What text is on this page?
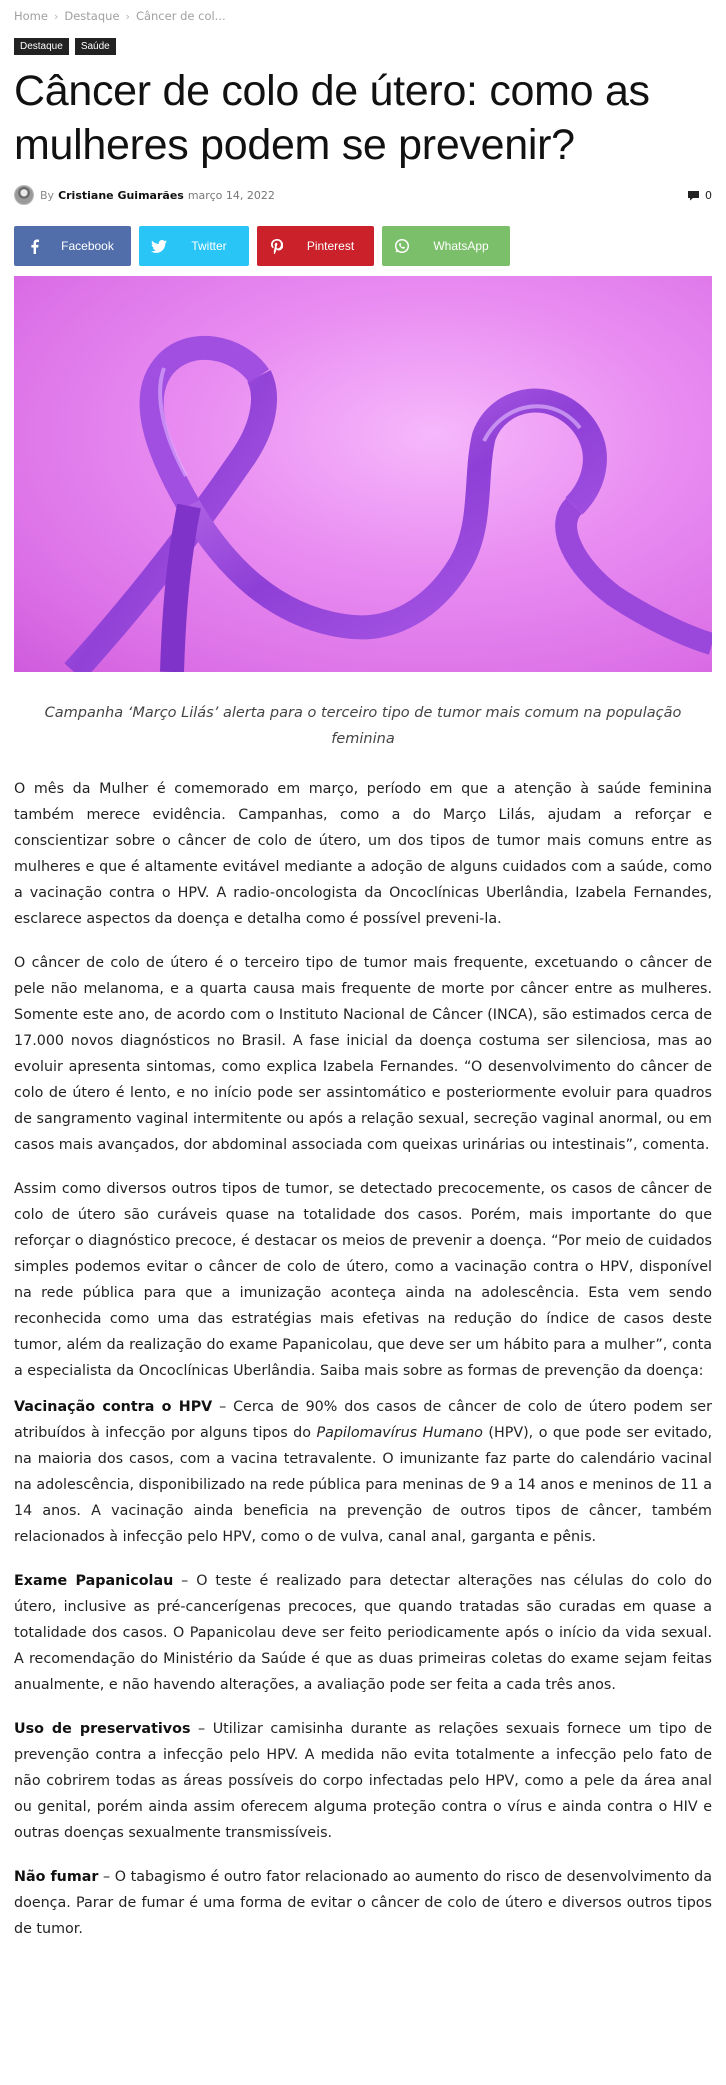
Home › Destaque › Câncer de col...
Destaque	Saúde
Câncer de colo de útero: como as mulheres podem se prevenir?
By Cristiane Guimarães março 14, 2022	0
Facebook	Twitter	Pinterest	WhatsApp

Campanha ‘Março Lilás’ alerta para o terceiro tipo de tumor mais comum na população feminina

O mês da Mulher é comemorado em março, período em que a atenção à saúde feminina também merece evidência. Campanhas, como a do Março Lilás, ajudam a reforçar e conscientizar sobre o câncer de colo de útero, um dos tipos de tumor mais comuns entre as mulheres e que é altamente evitável mediante a adoção de alguns cuidados com a saúde, como a vacinação contra o HPV. A radio-oncologista da Oncoclínicas Uberlândia, Izabela Fernandes, esclarece aspectos da doença e detalha como é possível preveni-la.

O câncer de colo de útero é o terceiro tipo de tumor mais frequente, excetuando o câncer de pele não melanoma, e a quarta causa mais frequente de morte por câncer entre as mulheres. Somente este ano, de acordo com o Instituto Nacional de Câncer (INCA), são estimados cerca de 17.000 novos diagnósticos no Brasil. A fase inicial da doença costuma ser silenciosa, mas ao evoluir apresenta sintomas, como explica Izabela Fernandes. “O desenvolvimento do câncer de colo de útero é lento, e no início pode ser assintomático e posteriormente evoluir para quadros de sangramento vaginal intermitente ou após a relação sexual, secreção vaginal anormal, ou em casos mais avançados, dor abdominal associada com queixas urinárias ou intestinais”, comenta.

Assim como diversos outros tipos de tumor, se detectado precocemente, os casos de câncer de colo de útero são curáveis quase na totalidade dos casos. Porém, mais importante do que reforçar o diagnóstico precoce, é destacar os meios de prevenir a doença. “Por meio de cuidados simples podemos evitar o câncer de colo de útero, como a vacinação contra o HPV, disponível na rede pública para que a imunização aconteça ainda na adolescência. Esta vem sendo reconhecida como uma das estratégias mais efetivas na redução do índice de casos deste tumor, além da realização do exame Papanicolau, que deve ser um hábito para a mulher”, conta a especialista da Oncoclínicas Uberlândia. Saiba mais sobre as formas de prevenção da doença:

Vacinação contra o HPV – Cerca de 90% dos casos de câncer de colo de útero podem ser atribuídos à infecção por alguns tipos do Papilomavírus Humano (HPV), o que pode ser evitado, na maioria dos casos, com a vacina tetravalente. O imunizante faz parte do calendário vacinal na adolescência, disponibilizado na rede pública para meninas de 9 a 14 anos e meninos de 11 a 14 anos. A vacinação ainda beneficia na prevenção de outros tipos de câncer, também relacionados à infecção pelo HPV, como o de vulva, canal anal, garganta e pênis.

Exame Papanicolau – O teste é realizado para detectar alterações nas células do colo do útero, inclusive as pré-cancerígenas precoces, que quando tratadas são curadas em quase a totalidade dos casos. O Papanicolau deve ser feito periodicamente após o início da vida sexual. A recomendação do Ministério da Saúde é que as duas primeiras coletas do exame sejam feitas anualmente, e não havendo alterações, a avaliação pode ser feita a cada três anos.

Uso de preservativos – Utilizar camisinha durante as relações sexuais fornece um tipo de prevenção contra a infecção pelo HPV. A medida não evita totalmente a infecção pelo fato de não cobrirem todas as áreas possíveis do corpo infectadas pelo HPV, como a pele da área anal ou genital, porém ainda assim oferecem alguma proteção contra o vírus e ainda contra o HIV e outras doenças sexualmente transmissíveis.

Não fumar – O tabagismo é outro fator relacionado ao aumento do risco de desenvolvimento da doença. Parar de fumar é uma forma de evitar o câncer de colo de útero e diversos outros tipos de tumor.
